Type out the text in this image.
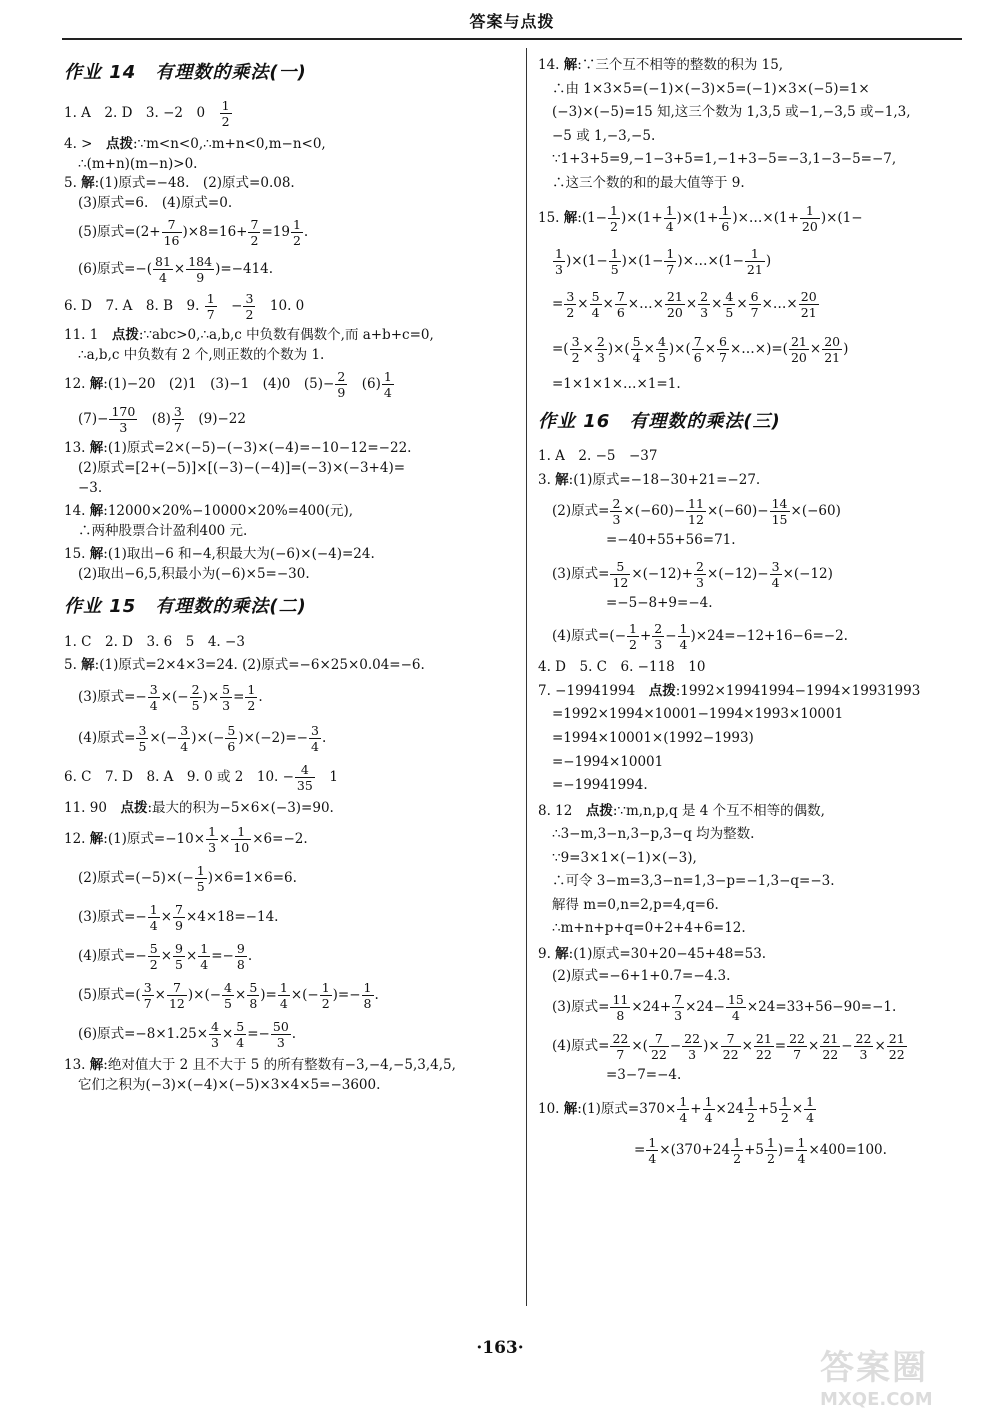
答案与点拨
作业 14　有理数的乘法(一)
1. A　2. D　3. −2　0　 $\frac{1}{2}$
4. >　点拨:∵m<n<0,∴m+n<0,m−n<0,
∴(m+n)(m−n)>0.
5. 解:(1)原式=−48.　(2)原式=0.08.
(3)原式=6.　(4)原式=0.
(5)原式$=(2+ \frac{7}{16} )\times 8=16+ \frac{7}{2} =19 \frac{1}{2}$ .
(6)原式=−( $\frac{81}{4} \times \frac{184}{9} )=-414$.
6. D　7. A　8. B　9. $\frac{1}{7}$ 　− $\frac{3}{2}$ 　10. 0
11. 1　点拨:∵abc>0,∴a,b,c 中负数有偶数个,而 a+b+c=0,
∴a,b,c 中负数有 2 个,则正数的个数为 1.
12. 解:(1)−20　(2)1　(3)−1　(4)0　$(5)- \frac{2}{9}$ 　$(6) \frac{1}{4}$
$(7)- \frac{170}{3}$ 　$(8) \frac{3}{7}$ 　(9)−22
13. 解:(1)原式=2×(−5)−(−3)×(−4)=−10−12=−22.
(2)原式=[2+(−5)]×[(−3)−(−4)]=(−3)×(−3+4)=
−3.
14. 解:12000×20%−10000×20%=400(元),
∴两种股票合计盈利400 元.
15. 解:(1)取出−6 和−4,积最大为(−6)×(−4)=24.
(2)取出−6,5,积最小为(−6)×5=−30.
作业 15　有理数的乘法(二)
1. C　2. D　3. 6　5　4. −3
5. 解:(1)原式=2×4×3=24. (2)原式=−6×25×0.04=−6.
(3)原式=− $\frac{3}{4}$ ×(− $\frac{2}{5}$ )× $\frac{5}{3} = \frac{1}{2}$ .
(4)原式= $\frac{3}{5}$ ×(− $\frac{3}{4}$ )×(− $\frac{5}{6} )\times(-2)=- \frac{3}{4}$ .
6. C　7. D　8. A　9. 0 或 2　10. − $\frac{4}{35}$ 　1
11. 90　点拨:最大的积为−5×6×(−3)=90.
12. 解:(1)原式$=-10\times \frac{1}{3} \times \frac{1}{10} \times 6=-2$.
(2)原式$=(-5)\times(- \frac{1}{5} )\times 6=1\times 6=6$.
(3)原式=− $\frac{1}{4} \times \frac{7}{9} \times 4\times 18=-14$.
(4)原式=− $\frac{5}{2} \times \frac{9}{5} \times \frac{1}{4} =- \frac{9}{8}$ .
(5)原式=( $\frac{3}{7} \times \frac{7}{12}$ )×(− $\frac{4}{5} \times \frac{5}{8}$ )= $\frac{1}{4}$ ×(− $\frac{1}{2}$ )=− $\frac{1}{8}$ .
(6)原式$=-8\times 1.25\times \frac{4}{3} \times \frac{5}{4} =- \frac{50}{3}$ .
13. 解:绝对值大于 2 且不大于 5 的所有整数有−3,−4,−5,3,4,5,
它们之积为(−3)×(−4)×(−5)×3×4×5=−3600.
14. 解:∵三个互不相等的整数的积为 15,
∴由 1×3×5=(−1)×(−3)×5=(−1)×3×(−5)=1×
(−3)×(−5)=15 知,这三个数为 1,3,5 或−1,−3,5 或−1,3,
−5 或 1,−3,−5.
∵1+3+5=9,−1−3+5=1,−1+3−5=−3,1−3−5=−7,
∴这三个数的和的最大值等于 9.
15. 解:(1− $\frac{1}{2} )\times(1+ \frac{1}{4} )\times(1+ \frac{1}{6}$ )×…×(1+ $\frac{1}{20} )\times(1-$
$\frac{1}{3} )\times(1- \frac{1}{5} )\times(1- \frac{1}{7}$ )×…×(1− $\frac{1}{21}$ )
= $\frac{3}{2} \times \frac{5}{4} \times \frac{7}{6}$ ×…× $\frac{21}{20} \times \frac{2}{3} \times \frac{4}{5} \times \frac{6}{7}$ ×…× $\frac{20}{21}$
=( $\frac{3}{2} \times \frac{2}{3}$ )×( $\frac{5}{4} \times \frac{4}{5}$ )×( $\frac{7}{6} \times \frac{6}{7}$ ×…×)=( $\frac{21}{20} \times \frac{20}{21}$ )
=1×1×1×…×1=1.
作业 16　有理数的乘法(三)
1. A　2. −5　−37
3. 解:(1)原式=−18−30+21=−27.
(2)原式= $\frac{2}{3} \times(-60)- \frac{11}{12} \times(-60)- \frac{14}{15} \times(-60)$
=−40+55+56=71.
(3)原式= $\frac{5}{12} \times(-12)+ \frac{2}{3} \times(-12)- \frac{3}{4} \times(-12)$
=−5−8+9=−4.
(4)原式=(− $\frac{1}{2} + \frac{2}{3} - \frac{1}{4} )\times 24=-12+16-6=-2$.
4. D　5. C　6. −118　10
7. −19941994　点拨:1992×19941994−1994×19931993
=1992×1994×10001−1994×1993×10001
=1994×10001×(1992−1993)
=−1994×10001
=−19941994.
8. 12　点拨:∵m,n,p,q 是 4 个互不相等的偶数,
∴3−m,3−n,3−p,3−q 均为整数.
∵9=3×1×(−1)×(−3),
∴可令 3−m=3,3−n=1,3−p=−1,3−q=−3.
解得 m=0,n=2,p=4,q=6.
∴m+n+p+q=0+2+4+6=12.
9. 解:(1)原式=30+20−45+48=53.
(2)原式=−6+1+0.7=−4.3.
(3)原式= $\frac{11}{8} \times 24+ \frac{7}{3} \times 24- \frac{15}{4} \times 24=33+56-90=-1$.
(4)原式= $\frac{22}{7}$ ×( $\frac{7}{22} - \frac{22}{3}$ )× $\frac{7}{22} \times \frac{21}{22} = \frac{22}{7} \times \frac{21}{22} - \frac{22}{3} \times \frac{21}{22}$
=3−7=−4.
10. 解:(1)原式$=370\times \frac{1}{4} + \frac{1}{4} \times 24 \frac{1}{2} +5 \frac{1}{2} \times \frac{1}{4}$
= $\frac{1}{4} \times(370+24 \frac{1}{2} +5 \frac{1}{2}$ )= $\frac{1}{4} \times 400=100$.
·163·	答案圈
MXQE.COM
